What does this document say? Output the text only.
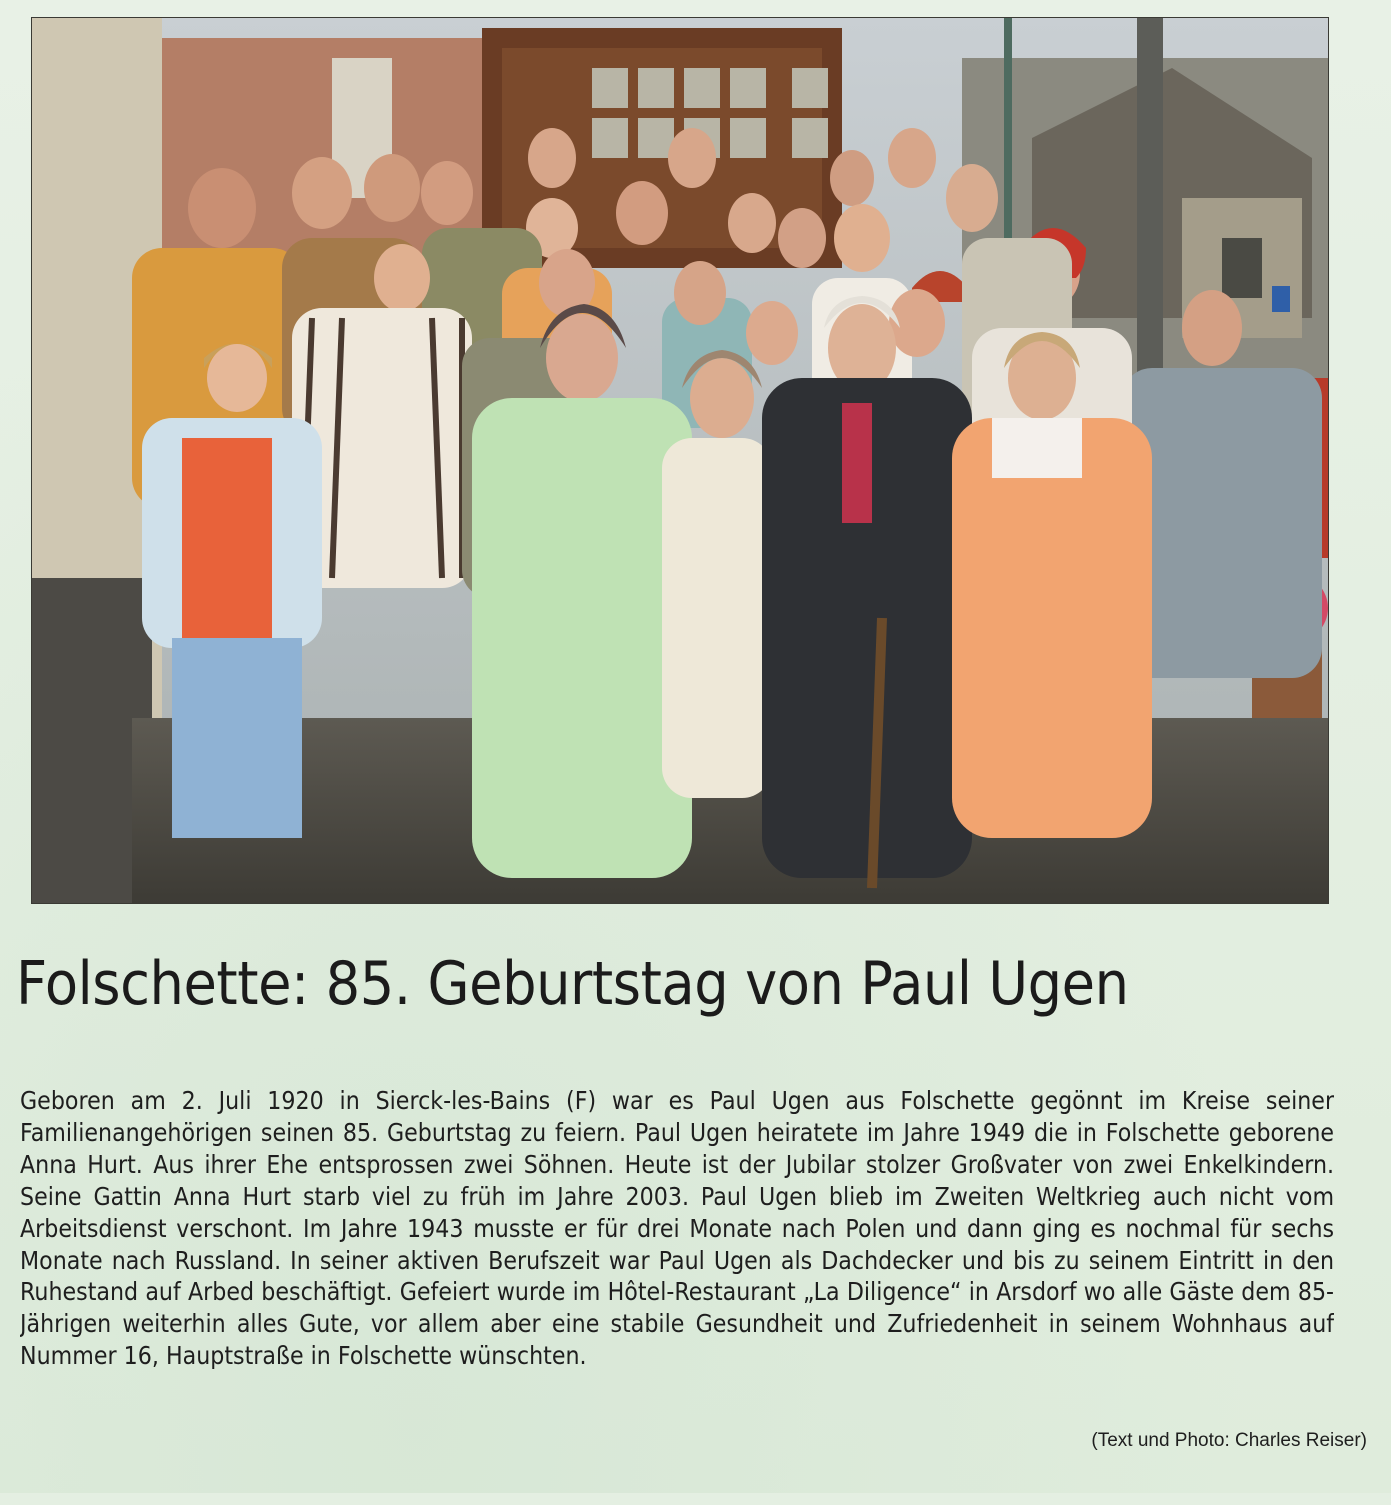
Folschette: 85. Geburtstag von Paul Ugen

Geboren am 2. Juli 1920 in Sierck-les-Bains (F) war es Paul Ugen aus Folschette gegönnt im Kreise seiner Familienangehörigen seinen 85. Geburtstag zu feiern. Paul Ugen heiratete im Jahre 1949 die in Folschette geborene Anna Hurt. Aus ihrer Ehe entsprossen zwei Söhnen. Heute ist der Jubilar stolzer Großvater von zwei Enkelkindern. Seine Gattin Anna Hurt starb viel zu früh im Jahre 2003. Paul Ugen blieb im Zweiten Weltkrieg auch nicht vom Arbeitsdienst verschont. Im Jahre 1943 musste er für drei Monate nach Polen und dann ging es nochmal für sechs Monate nach Russland. In seiner aktiven Berufszeit war Paul Ugen als Dachdecker und bis zu seinem Eintritt in den Ruhestand auf Arbed beschäftigt. Gefeiert wurde im Hôtel-Restaurant „La Diligence“ in Arsdorf wo alle Gäste dem 85-Jährigen weiterhin alles Gute, vor allem aber eine stabile Gesundheit und Zufriedenheit in seinem Wohnhaus auf Nummer 16, Hauptstraße in Folschette wünschten.

(Text und Photo: Charles Reiser)
